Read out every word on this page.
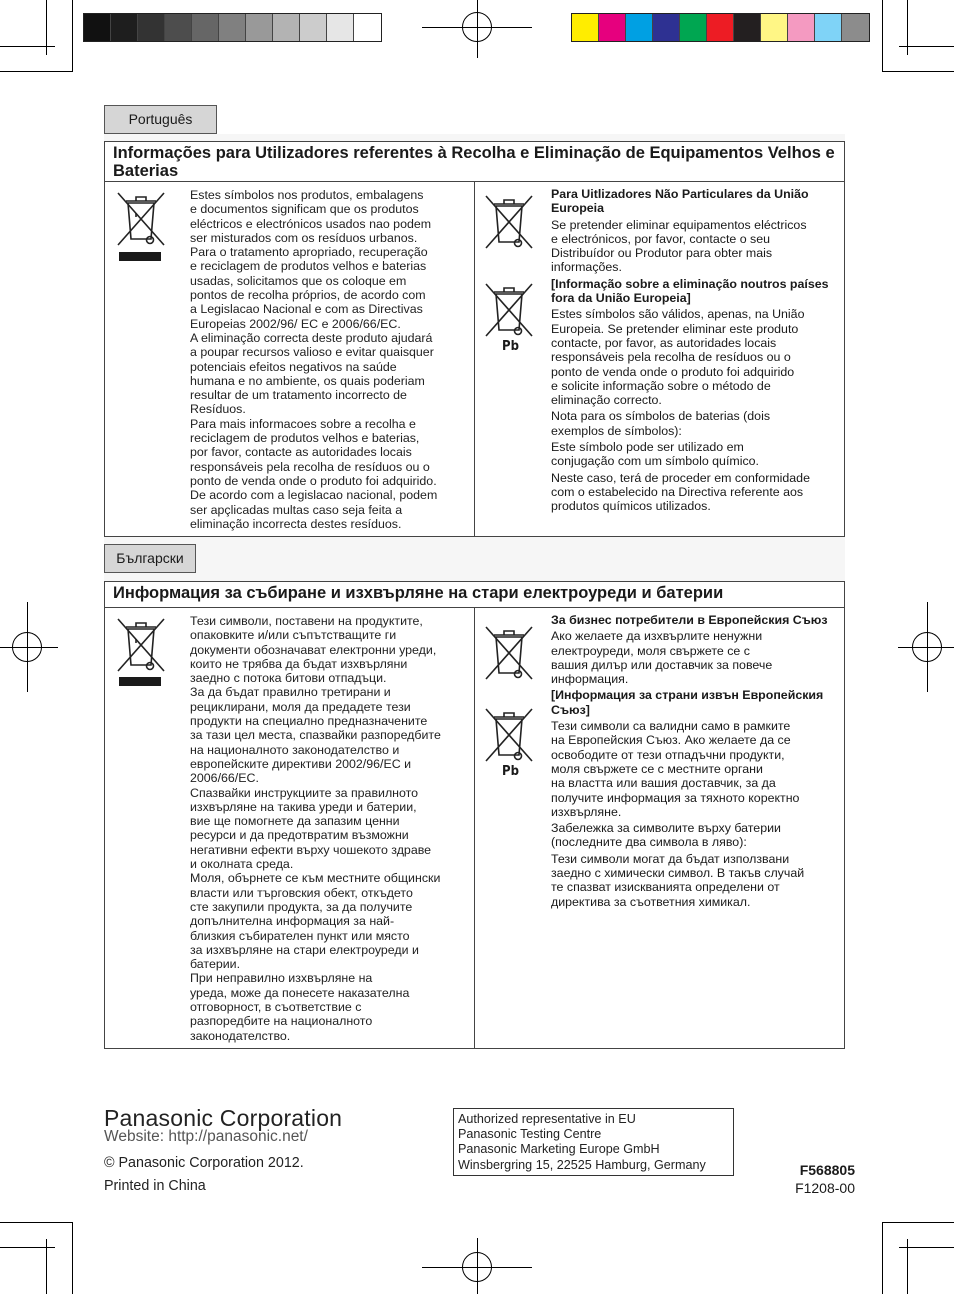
Português
Informações para Utilizadores referentes à Recolha e Eliminação de Equipamentos Velhos e Baterias
Estes símbolos nos produtos, embalagens
e documentos significam que os produtos
eléctricos e electrónicos usados nao podem
ser misturados com os resíduos urbanos.
Para o tratamento apropriado, recuperação
e reciclagem de produtos velhos e baterias
usadas, solicitamos que os coloque em
pontos de recolha próprios, de acordo com
a Legislacao Nacional e com as Directivas
Europeias 2002/96/ EC e 2006/66/EC.
A eliminação correcta deste produto ajudará
a poupar recursos valioso e evitar quaisquer
potenciais efeitos negativos na saúde
humana e no ambiente, os quais poderiam
resultar de um tratamento incorrecto de
Resíduos.
Para mais informacoes sobre a recolha e
reciclagem de produtos velhos e baterias,
por favor, contacte as autoridades locais
responsáveis pela recolha de resíduos ou o
ponto de venda onde o produto foi adquirido.
De acordo com a legislacao nacional, podem
ser apçlicadas multas caso seja feita a
eliminação incorrecta destes resíduos.
Pb
Para Uitlizadores Não Particulares da União Europeia

Se pretender eliminar equipamentos eléctricos
e electrónicos, por favor, contacte o seu
Distribuídor ou Produtor para obter mais
informações.

[Informação sobre a eliminação noutros países fora da União Europeia]

Estes símbolos são válidos, apenas, na União
Europeia. Se pretender eliminar este produto
contacte, por favor, as autoridades locais
responsáveis pela recolha de resíduos ou o
ponto de venda onde o produto foi adquirido
e solicite informação sobre o método de
eliminação correcto.

Nota para os símbolos de baterias (dois
exemplos de símbolos):

Este símbolo pode ser utilizado em
conjugação com um símbolo químico.

Neste caso, terá de proceder em conformidade
com o estabelecido na Directiva referente aos
produtos químicos utilizados.

Български
Информация за събиране и изхвърляне на стари електроуреди и батерии
Тези символи, поставени на продуктите,
опаковките и/или съпътстващите ги
документи обозначават електронни уреди,
които не трябва да бъдат изхвърляни
заедно с потока битови отпадъци.
За да бъдат правилно третирани и
рециклирани, моля да предадете тези
продукти на специално предназначените
за тази цел места, спазвайки разпоредбите
на националното законодателство и
европейските директиви 2002/96/EC и
2006/66/EC.
Спазвайки инструкциите за правилното
изхвърляне на такива уреди и батерии,
вие ще помогнете да запазим ценни
ресурси и да предотвратим възможни
негативни ефекти върху чошекото здраве
и околната среда.
Моля, обърнете се към местните общински
власти или търговския обект, откъдето
сте закупили продукта, за да получите
допълнителна информация за най-
близкия събирателен пункт или място
за изхвърляне на стари електроуреди и
батерии.
При неправилно изхвърляне на
уреда, може да понесете наказателна
отговорност, в съответствие с
разпоредбите на националното
законодателство.
Pb
За бизнес потребители в Европейския Съюз

Ако желаете да изхвърлите ненужни
електроуреди, моля свържете се с
вашия дилър или доставчик за повече
информация.

[Информация за страни извън Европейския Съюз]

Тези символи са валидни само в рамките
на Европейския Съюз. Ако желаете да се
освободите от тези отпадъчни продукти,
моля свържете се с местните органи
на властта или вашия доставчик, за да
получите информация за тяхното коректно
изхвърляне.

Забележка за символите върху батерии
(последните два символа в ляво):

Тези символи могат да бъдат използвани
заедно с химически символ. В такъв случай
те спазват изискванията определени от
директива за съответния химикал.

Panasonic Corporation
Website: http://panasonic.net/
© Panasonic Corporation 2012.
Printed in China
Authorized representative in EU
Panasonic Testing Centre
Panasonic Marketing Europe GmbH
Winsbergring 15, 22525 Hamburg, Germany	F568805
F1208-00
